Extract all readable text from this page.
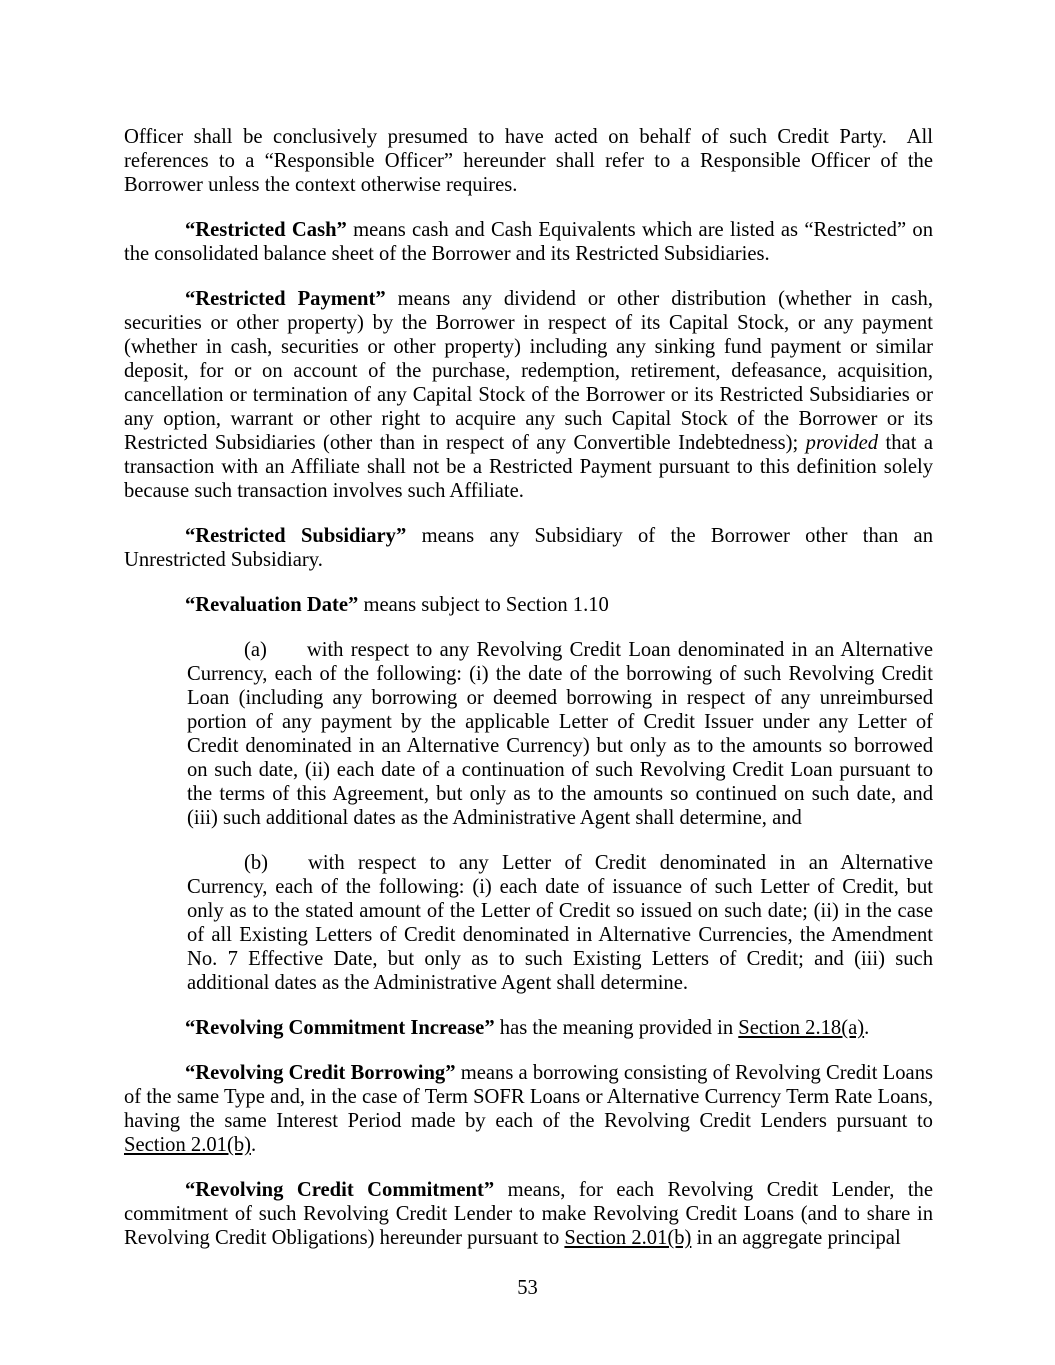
Officer shall be conclusively presumed to have acted on behalf of such Credit Party.  All references to a “Responsible Officer” hereunder shall refer to a Responsible Officer of the Borrower unless the context otherwise requires.

“Restricted Cash” means cash and Cash Equivalents which are listed as “Restricted” on the consolidated balance sheet of the Borrower and its Restricted Subsidiaries.

“Restricted Payment” means any dividend or other distribution (whether in cash, securities or other property) by the Borrower in respect of its Capital Stock, or any payment (whether in cash, securities or other property) including any sinking fund payment or similar deposit, for or on account of the purchase, redemption, retirement, defeasance, acquisition, cancellation or termination of any Capital Stock of the Borrower or its Restricted Subsidiaries or any option, warrant or other right to acquire any such Capital Stock of the Borrower or its Restricted Subsidiaries (other than in respect of any Convertible Indebtedness); provided that a transaction with an Affiliate shall not be a Restricted Payment pursuant to this definition solely because such transaction involves such Affiliate.

“Restricted Subsidiary” means any Subsidiary of the Borrower other than an Unrestricted Subsidiary.

“Revaluation Date” means subject to Section 1.10

(a) with respect to any Revolving Credit Loan denominated in an Alternative Currency, each of the following: (i) the date of the borrowing of such Revolving Credit Loan (including any borrowing or deemed borrowing in respect of any unreimbursed portion of any payment by the applicable Letter of Credit Issuer under any Letter of Credit denominated in an Alternative Currency) but only as to the amounts so borrowed on such date, (ii) each date of a continuation of such Revolving Credit Loan pursuant to the terms of this Agreement, but only as to the amounts so continued on such date, and (iii) such additional dates as the Administrative Agent shall determine, and

(b) with respect to any Letter of Credit denominated in an Alternative Currency, each of the following: (i) each date of issuance of such Letter of Credit, but only as to the stated amount of the Letter of Credit so issued on such date; (ii) in the case of all Existing Letters of Credit denominated in Alternative Currencies, the Amendment No. 7 Effective Date, but only as to such Existing Letters of Credit; and (iii) such additional dates as the Administrative Agent shall determine.

“Revolving Commitment Increase” has the meaning provided in Section 2.18(a).

“Revolving Credit Borrowing” means a borrowing consisting of Revolving Credit Loans of the same Type and, in the case of Term SOFR Loans or Alternative Currency Term Rate Loans, having the same Interest Period made by each of the Revolving Credit Lenders pursuant to Section 2.01(b).

“Revolving Credit Commitment” means, for each Revolving Credit Lender, the commitment of such Revolving Credit Lender to make Revolving Credit Loans (and to share in Revolving Credit Obligations) hereunder pursuant to Section 2.01(b) in an aggregate principal

53
